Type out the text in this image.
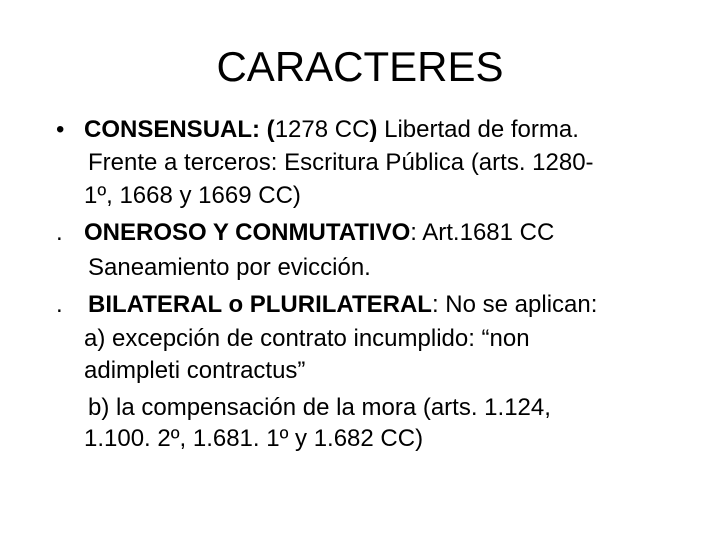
CARACTERES
• CONSENSUAL: (1278 CC) Libertad de forma.
Frente a terceros: Escritura Pública (arts. 1280-
1º, 1668 y 1669 CC)
. ONEROSO Y CONMUTATIVO: Art.1681 CC
Saneamiento por evicción.
. BILATERAL o PLURILATERAL: No se aplican:
a) excepción de contrato incumplido: “non
adimpleti contractus”
b) la compensación de la mora (arts. 1.124,
1.100. 2º, 1.681. 1º y 1.682 CC)
